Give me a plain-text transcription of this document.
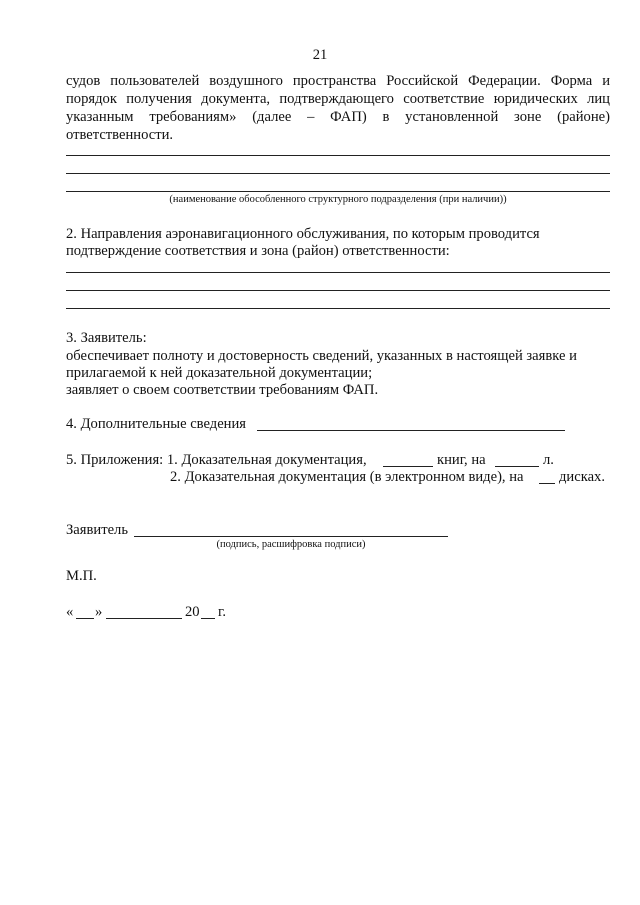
21
судов пользователей воздушного пространства Российской Федерации. Форма и
порядок получения документа, подтверждающего соответствие юридических лиц
указанным требованиям» (далее – ФАП) в установленной зоне (районе)
ответственности.
(наименование обособленного структурного подразделения (при наличии))
2. Направления аэронавигационного обслуживания, по которым проводится
подтверждение соответствия и зона (район) ответственности:
3. Заявитель:
обеспечивает полноту и достоверность сведений, указанных в настоящей заявке и
прилагаемой к ней доказательной документации;
заявляет о своем соответствии требованиям ФАП.
4. Дополнительные сведения
5. Приложения: 1. Доказательная документация,	книг, на	л.
2. Доказательная документация (в электронном виде), на дисках.
Заявитель
(подпись, расшифровка подписи)
М.П.
« »	20 г.
